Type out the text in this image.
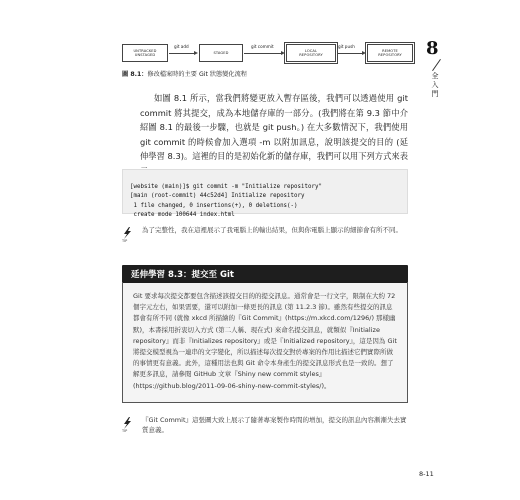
UNTRACKED
UNSTAGED
git add
STAGED
git commit
LOCAL
REPOSITORY
git push
REMOTE
REPOSITORY
圖 8.1：修改檔案時的主要 Git 狀態變化流程
8
全
入
門
如圖 8.1 所示，當我們將變更放入暫存區後，我們可以透過使用 git commit 將其提交，成為本地儲存庫的一部分。(我們將在第 9.3 節中介紹圖 8.1 的最後一步驟，也就是 git push。) 在大多數情況下，我們使用 git commit 的時候會加入選項 -m 以附加訊息，說明該提交的目的 (延伸學習 8.3)。這裡的目的是初始化新的儲存庫，我們可以用下列方式來表

[website (main)]$ git commit -m "Initialize repository"
[main (root-commit) 44c52d4] Initialize repository
1 file changed, 0 insertions(+), 0 deletions(-)
create mode 100644 index.html

TIP
為了完整性，我在這裡展示了我電腦上的輸出結果，但與你電腦上顯示的細節會有所不同。
延伸學習 8.3：提交至 Git
Git 要求每次提交都要包含描述該提交目的的提交訊息。通常會是一行文字，限制在大約 72 個字元左右，如果需要，還可以附加一條更長的訊息 (第 11.2.3 節)。雖然有些提交的訊息都會有所不同 (就像 xkcd 所描繪的『Git Commit』(https://m.xkcd.com/1296/) 那樣幽默)，本書採用折衷切入方式 (第二人稱、現在式) 來命名提交訊息，就類似『Initialize repository』而非『Initializes repository』或是『Initialized repository』，這是因為 Git 將提交模型視為一連串的文字變化，所以描述每次提交對於專案的作用比描述它們實際所做的事情更有意義。此外，這種用法也與 Git 命令本身產生的提交訊息形式也是一致的。想了解更多訊息，請參閱 GitHub 文章『Shiny new commit styles』(https://github.blog/2011-09-06-shiny-new-commit-styles/)。
TIP
『Git Commit』這張圖大致上展示了隨著專案製作時間的增加，提交的訊息內容漸漸失去實質意義。
8-11
